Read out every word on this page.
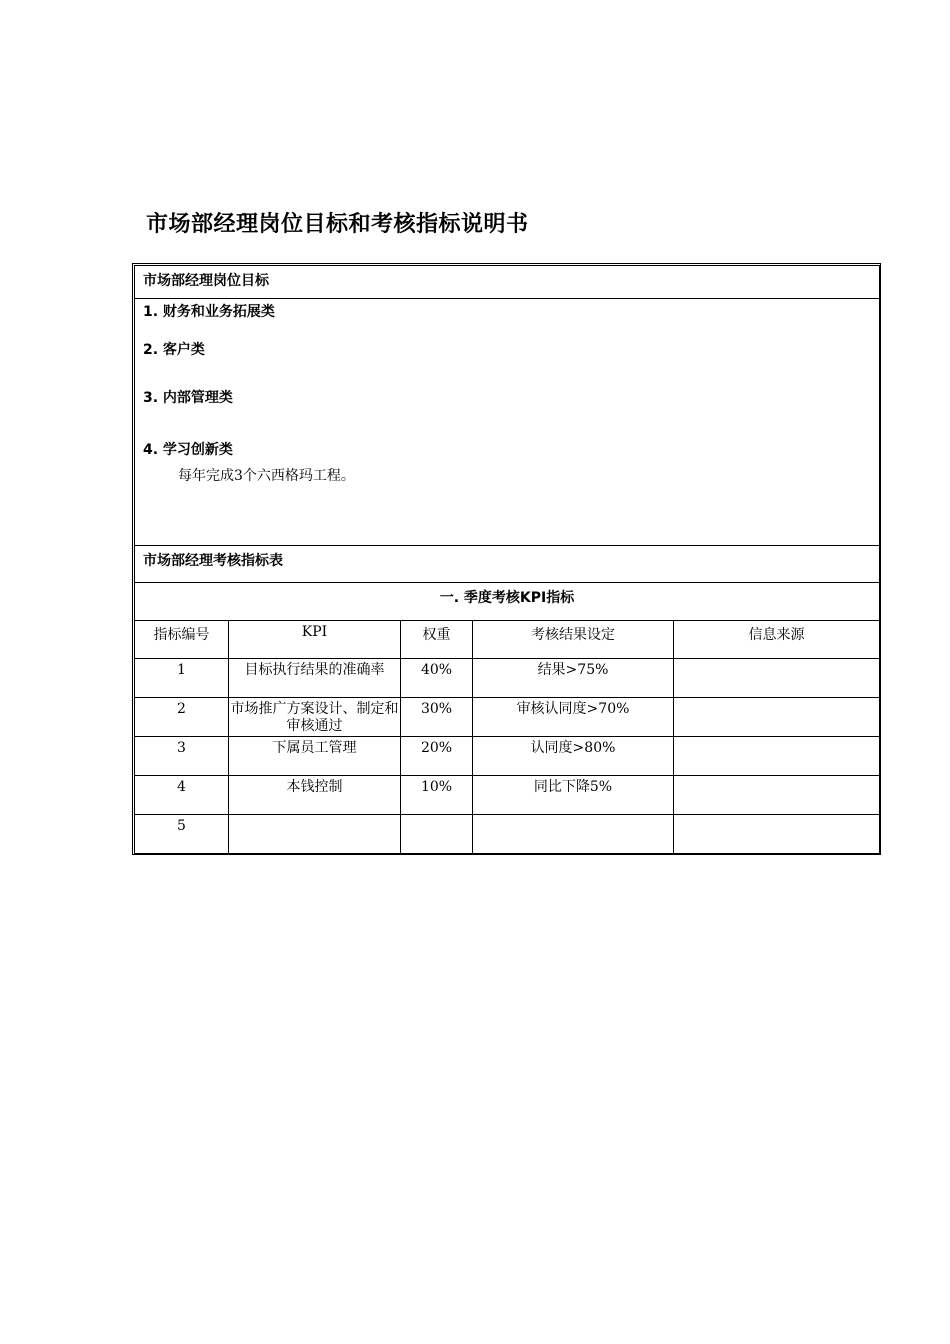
市场部经理岗位目标和考核指标说明书
市场部经理岗位目标				

1. 财务和业务拓展类
2. 客户类
3. 内部管理类
4. 学习创新类
每年完成3个六西格玛工程。				

市场部经理考核指标表				
一. 季度考核KPI指标				
指标编号	KPI	权重	考核结果设定	信息来源
1	目标执行结果的准确率	40%	结果>75%	
2	市场推广方案设计、制定和审核通过	30%	审核认同度>70%	
3	下属员工管理	20%	认同度>80%	
4	本钱控制	10%	同比下降5%	
5				
